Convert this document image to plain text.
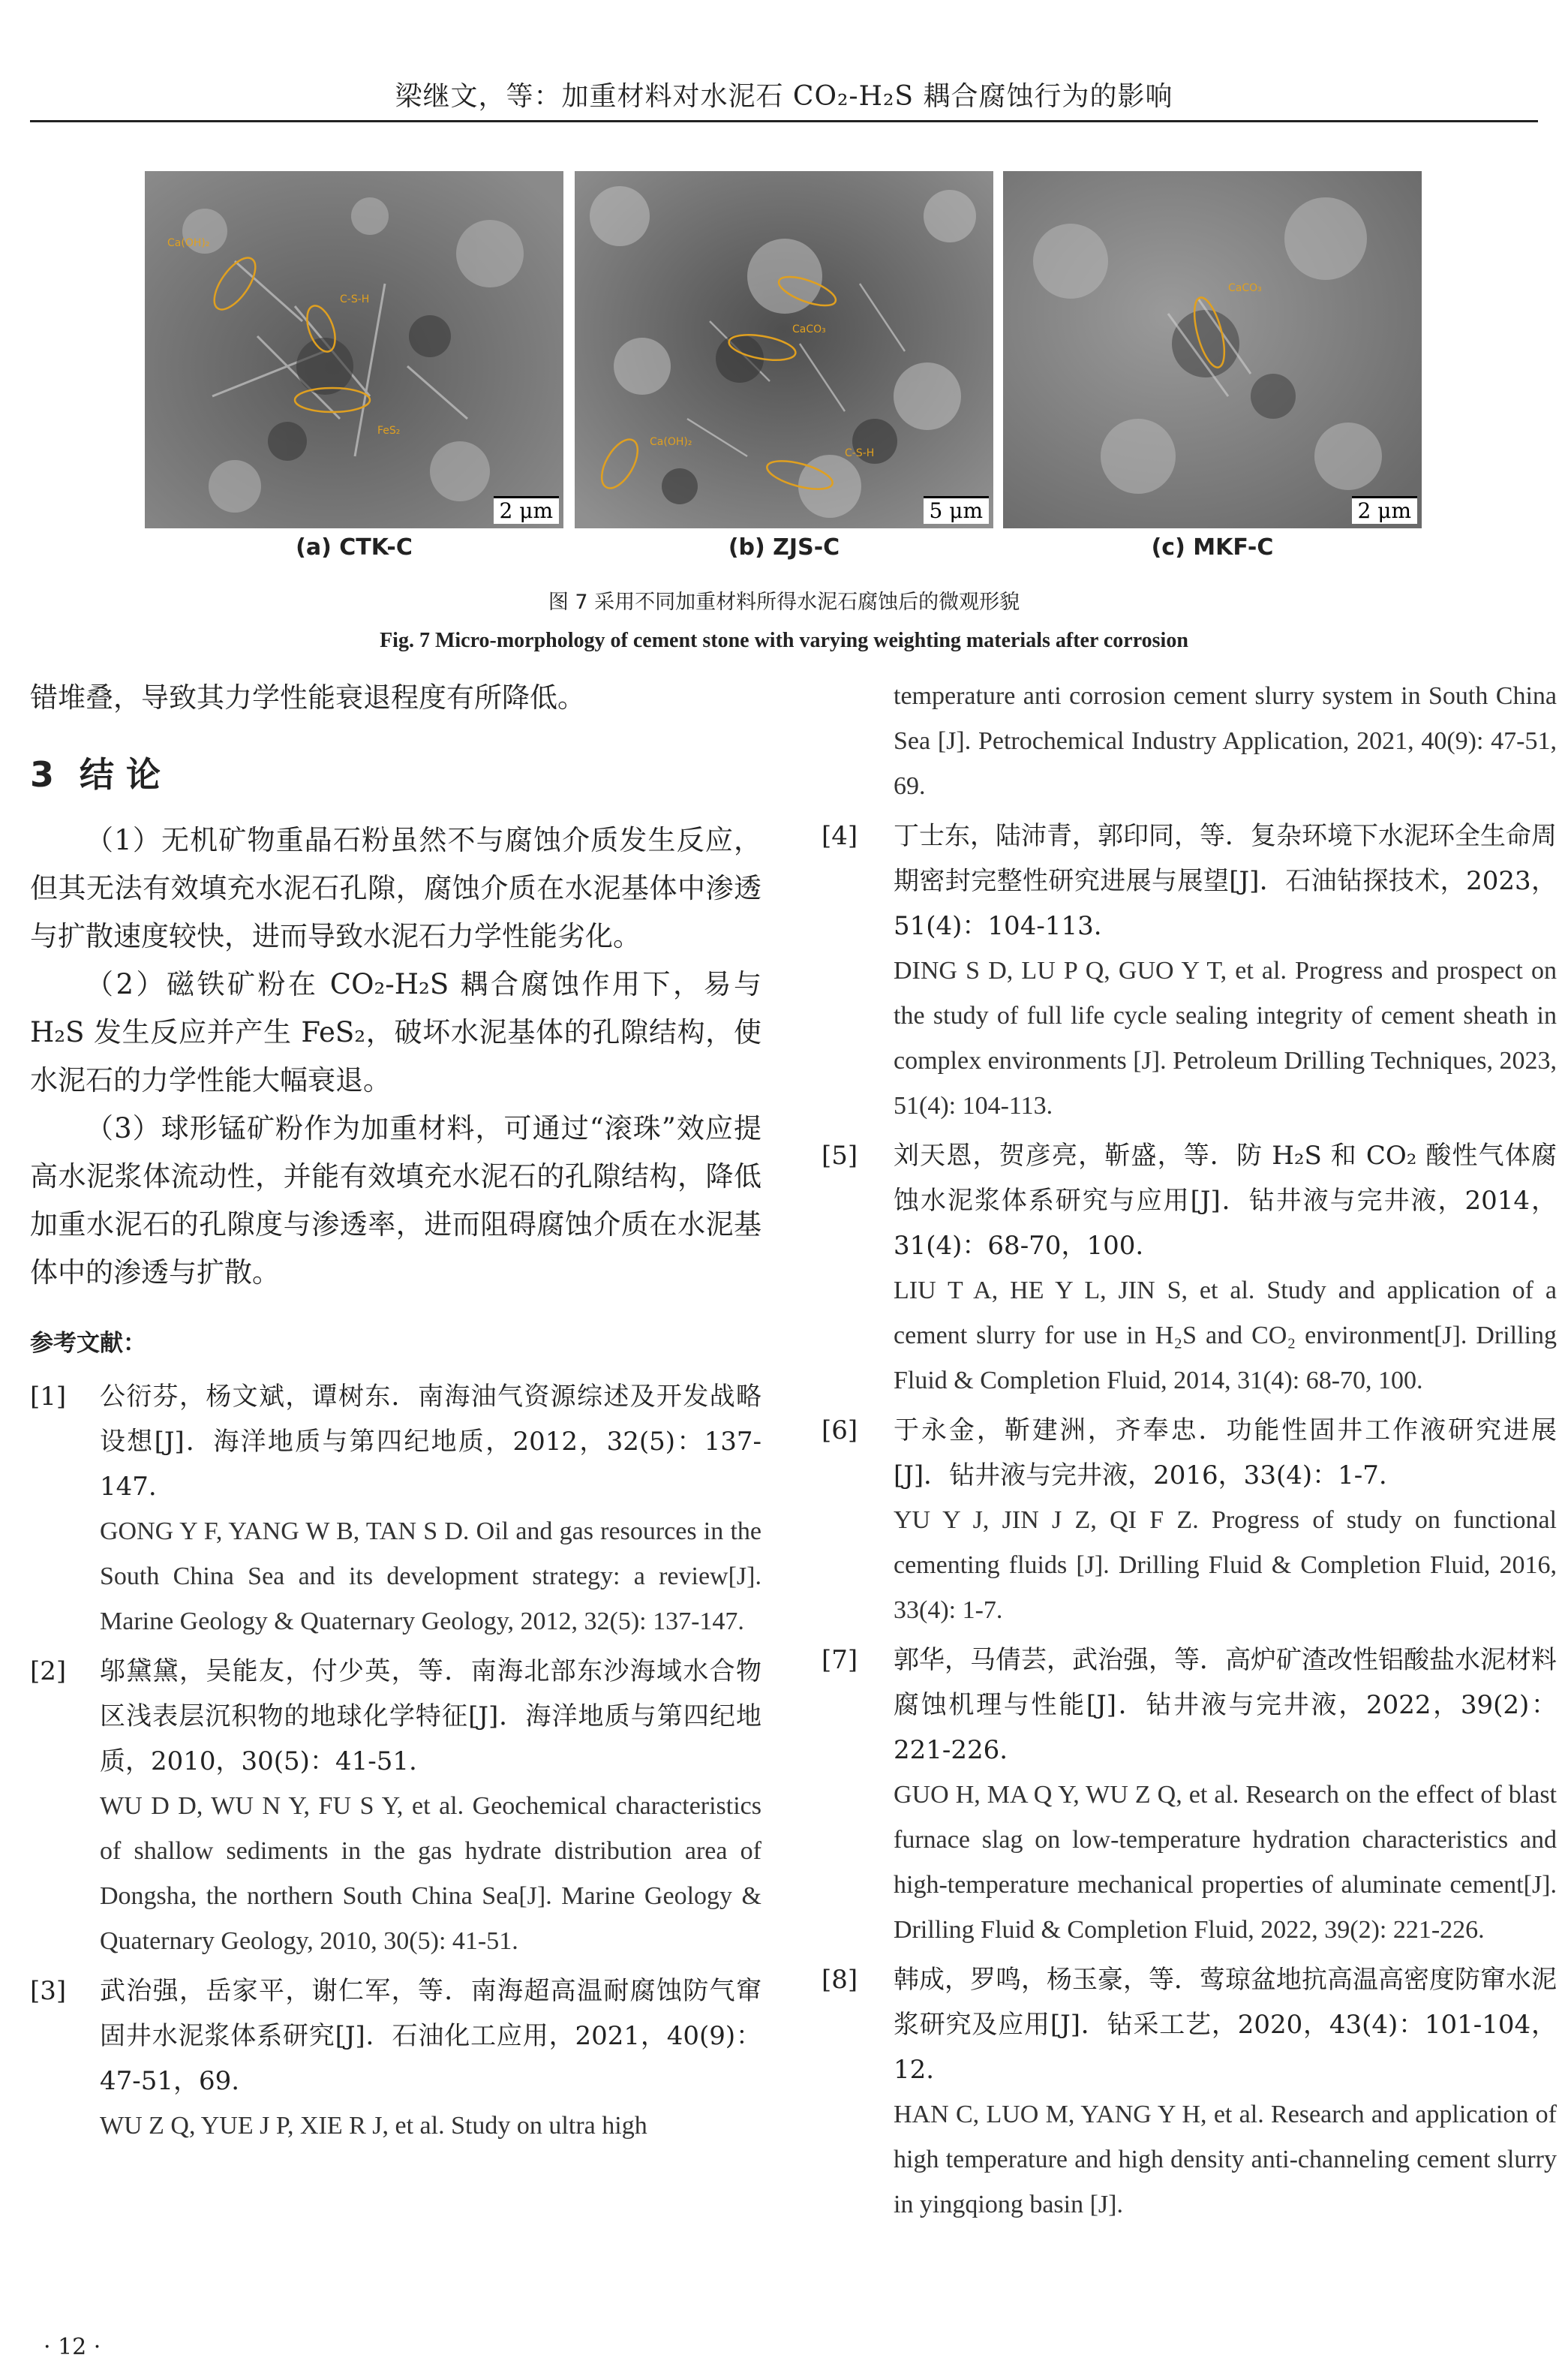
梁继文，等：加重材料对水泥石 CO₂-H₂S 耦合腐蚀行为的影响
Ca(OH)₂
C-S-H
FeS₂
2 μm
(a) CTK-C
CaCO₃
Ca(OH)₂
C-S-H
5 μm
(b) ZJS-C
CaCO₃
2 μm
(c) MKF-C
图 7 采用不同加重材料所得水泥石腐蚀后的微观形貌
Fig. 7 Micro-morphology of cement stone with varying weighting materials after corrosion

错堆叠，导致其力学性能衰退程度有所降低。

3 结 论

（1）无机矿物重晶石粉虽然不与腐蚀介质发生反应，但其无法有效填充水泥石孔隙，腐蚀介质在水泥基体中渗透与扩散速度较快，进而导致水泥石力学性能劣化。

（2）磁铁矿粉在 CO₂-H₂S 耦合腐蚀作用下，易与 H₂S 发生反应并产生 FeS₂，破坏水泥基体的孔隙结构，使水泥石的力学性能大幅衰退。

（3）球形锰矿粉作为加重材料，可通过“滚珠”效应提高水泥浆体流动性，并能有效填充水泥石的孔隙结构，降低加重水泥石的孔隙度与渗透率，进而阻碍腐蚀介质在水泥基体中的渗透与扩散。

参考文献：
[1] 公衍芬，杨文斌，谭树东．南海油气资源综述及开发战略设想[J]．海洋地质与第四纪地质，2012，32(5)：137-147.
GONG Y F, YANG W B, TAN S D. Oil and gas resources in the South China Sea and its development strategy: a review[J]. Marine Geology & Quaternary Geology, 2012, 32(5): 137-147.
[2] 邬黛黛，吴能友，付少英，等．南海北部东沙海域水合物区浅表层沉积物的地球化学特征[J]．海洋地质与第四纪地质，2010，30(5)：41-51.
WU D D, WU N Y, FU S Y, et al. Geochemical characteristics of shallow sediments in the gas hydrate distribution area of Dongsha, the northern South China Sea[J]. Marine Geology & Quaternary Geology, 2010, 30(5): 41-51.
[3] 武治强，岳家平，谢仁军，等．南海超高温耐腐蚀防气窜固井水泥浆体系研究[J]．石油化工应用，2021，40(9)：47-51，69.
WU Z Q, YUE J P, XIE R J, et al. Study on ultra high
temperature anti corrosion cement slurry system in South China Sea [J]. Petrochemical Industry Application, 2021, 40(9): 47-51, 69.
[4] 丁士东，陆沛青，郭印同，等．复杂环境下水泥环全生命周期密封完整性研究进展与展望[J]．石油钻探技术，2023，51(4)：104-113.
DING S D, LU P Q, GUO Y T, et al. Progress and prospect on the study of full life cycle sealing integrity of cement sheath in complex environments [J]. Petroleum Drilling Techniques, 2023, 51(4): 104-113.
[5] 刘天恩，贺彦亮，靳盛，等．防 H₂S 和 CO₂ 酸性气体腐蚀水泥浆体系研究与应用[J]．钻井液与完井液，2014，31(4)：68-70，100.
LIU T A, HE Y L, JIN S, et al. Study and application of a cement slurry for use in H₂S and CO₂ environment[J]. Drilling Fluid & Completion Fluid, 2014, 31(4): 68-70, 100.
[6] 于永金，靳建洲，齐奉忠．功能性固井工作液研究进展[J]．钻井液与完井液，2016，33(4)：1-7.
YU Y J, JIN J Z, QI F Z. Progress of study on functional cementing fluids [J]. Drilling Fluid & Completion Fluid, 2016, 33(4): 1-7.
[7] 郭华，马倩芸，武治强，等．高炉矿渣改性铝酸盐水泥材料腐蚀机理与性能[J]．钻井液与完井液，2022，39(2)：221-226.
GUO H, MA Q Y, WU Z Q, et al. Research on the effect of blast furnace slag on low-temperature hydration characteristics and high-temperature mechanical properties of aluminate cement[J]. Drilling Fluid & Completion Fluid, 2022, 39(2): 221-226.
[8] 韩成，罗鸣，杨玉豪，等．莺琼盆地抗高温高密度防窜水泥浆研究及应用[J]．钻采工艺，2020，43(4)：101-104，12.
HAN C, LUO M, YANG Y H, et al. Research and application of high temperature and high density anti-channeling cement slurry in yingqiong basin [J].
· 12 ·
